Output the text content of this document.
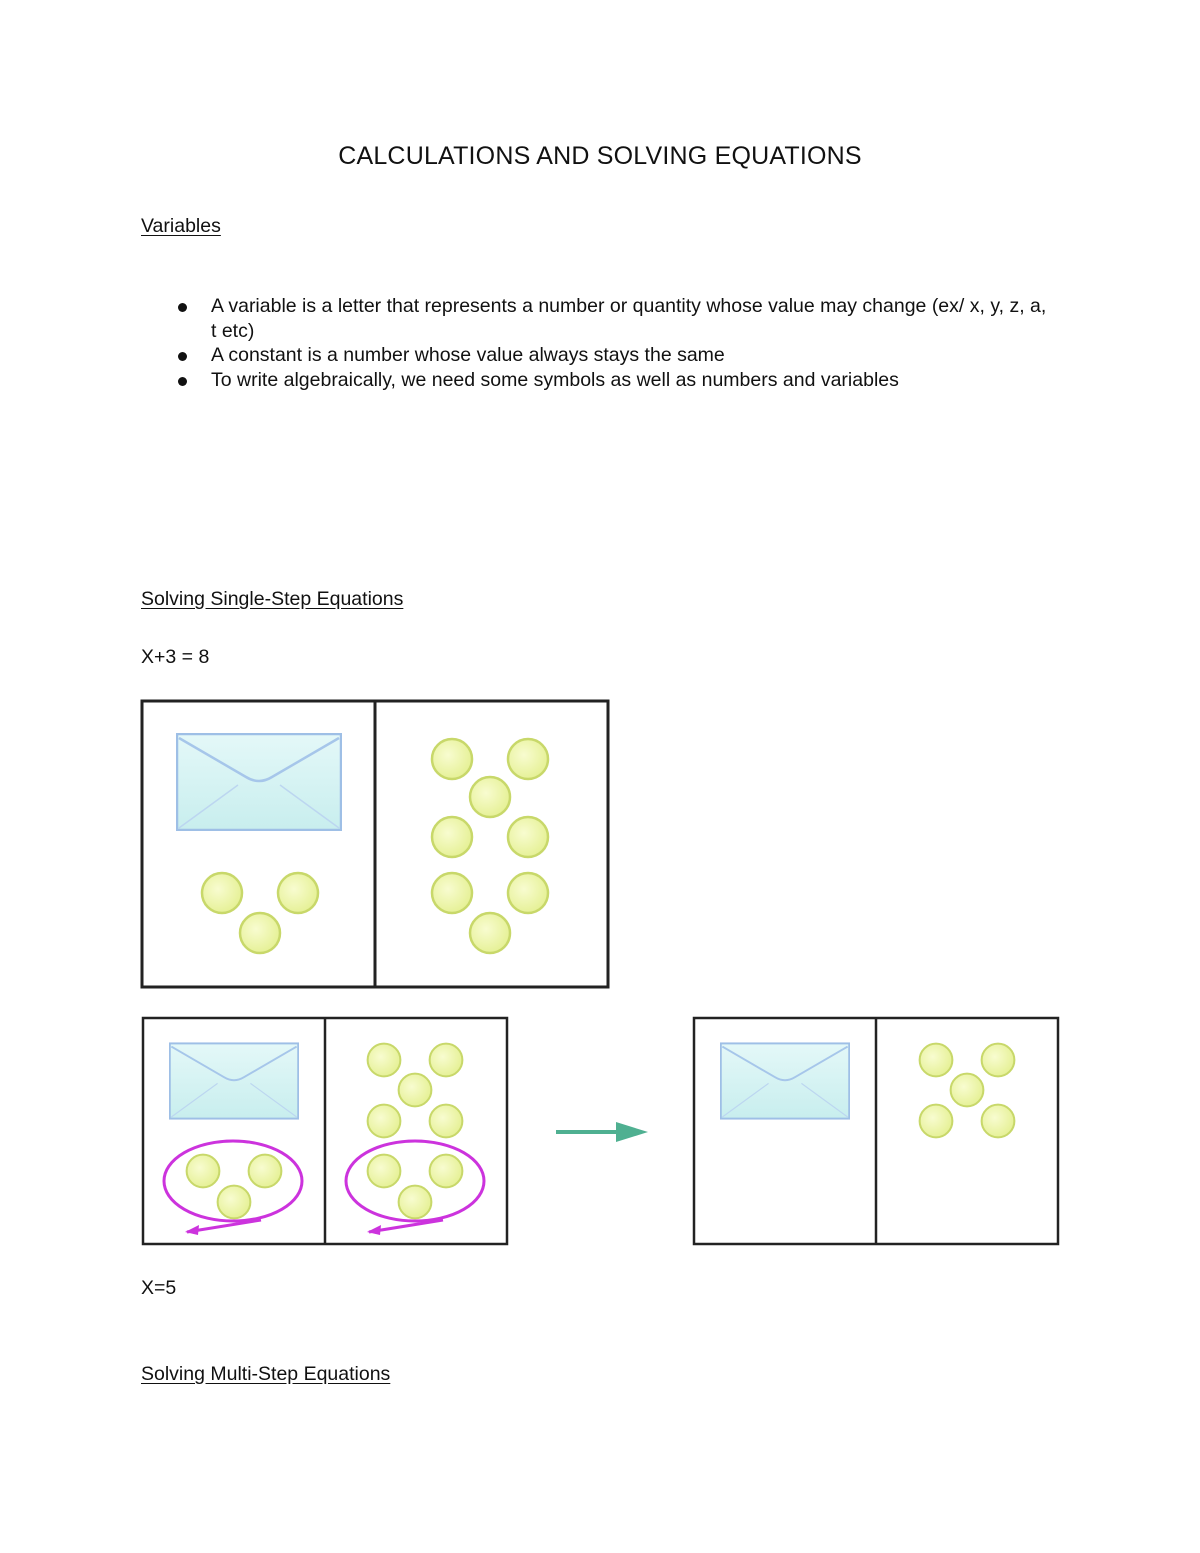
CALCULATIONS AND SOLVING EQUATIONS
Variables
A variable is a letter that represents a number or quantity whose value may change (ex/ x, y, z, a, t etc)
A constant is a number whose value always stays the same
To write algebraically, we need some symbols as well as numbers and variables
Solving Single-Step Equations
X+3 = 8
X=5
Solving Multi-Step Equations
